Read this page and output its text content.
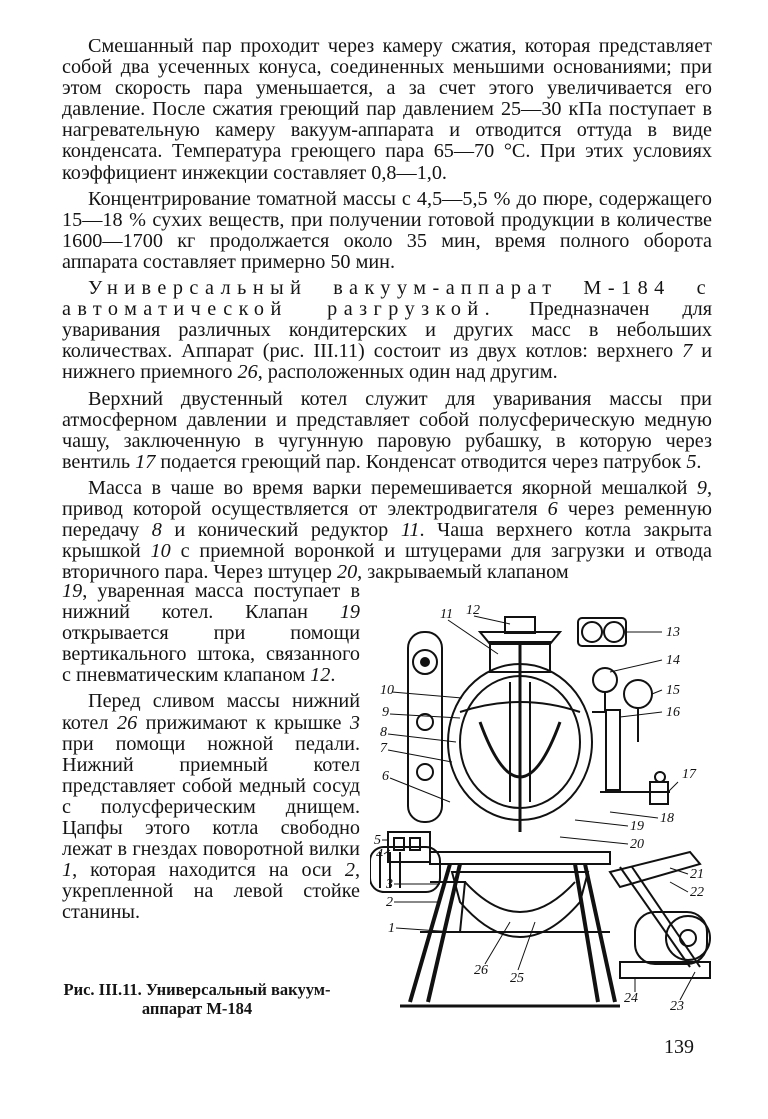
Смешанный пар проходит через камеру сжатия, которая представляет собой два усеченных конуса, соединенных меньшими основаниями; при этом скорость пара уменьшается, а за счет этого увеличивается его давление. После сжатия греющий пар давлением 25—30 кПа поступает в нагревательную камеру вакуум-аппарата и отводится оттуда в виде конденсата. Температура греющего пара 65—70 °С. При этих условиях коэффициент инжекции составляет 0,8—1,0.

Концентрирование томатной массы с 4,5—5,5 % до пюре, содержащего 15—18 % сухих веществ, при получении готовой продукции в количестве 1600—1700 кг продолжается около 35 мин, время полного оборота аппарата составляет примерно 50 мин.

Универсальный вакуум-аппарат М-184 с автоматической разгрузкой. Предназначен для уваривания различных кондитерских и других масс в небольших количествах. Аппарат (рис. III.11) состоит из двух котлов: верхнего 7 и нижнего приемного 26, расположенных один над другим.

Верхний двустенный котел служит для уваривания массы при атмосферном давлении и представляет собой полусферическую медную чашу, заключенную в чугунную паровую рубашку, в которую через вентиль 17 подается греющий пар. Конденсат отводится через патрубок 5.

Масса в чаше во время варки перемешивается якорной мешалкой 9, привод которой осуществляется от электродвигателя 6 через ременную передачу 8 и конический редуктор 11. Чаша верхнего котла закрыта крышкой 10 с приемной воронкой и штуцерами для загрузки и отвода вторичного пара. Через штуцер 20, закрываемый клапаном

19, уваренная масса поступает в нижний котел. Клапан 19 открывается при помощи вертикального штока, связанного с пневматическим клапаном 12.

Перед сливом массы нижний котел 26 прижимают к крышке 3 при помощи ножной педали. Нижний приемный котел представляет собой медный сосуд с полусферическим днищем. Цапфы этого котла свободно лежат в гнездах поворотной вилки 1, которая находится на оси 2, укрепленной на левой стойке станины.

11 12
13
14
15
16
17
18
19
20
21
22
23
24
25
26
1
2
3
4
5
6
7
8
9
10
Рис. III.11. Универсальный вакуум-аппарат М-184
139
